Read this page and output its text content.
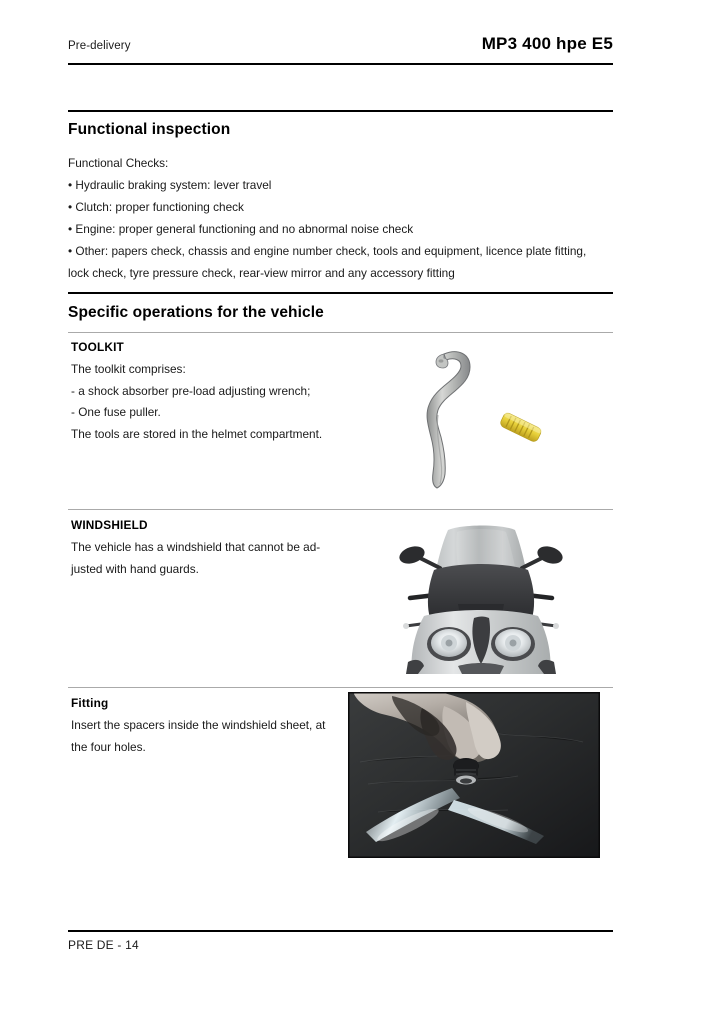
Pre-delivery	MP3 400 hpe E5
Functional inspection
Functional Checks:
• Hydraulic braking system: lever travel
• Clutch: proper functioning check
• Engine: proper general functioning and no abnormal noise check
• Other: papers check, chassis and engine number check, tools and equipment, licence plate fitting,
lock check, tyre pressure check, rear-view mirror and any accessory fitting
Specific operations for the vehicle
TOOLKIT
The toolkit comprises:
- a shock absorber pre-load adjusting wrench;
- One fuse puller.
The tools are stored in the helmet compartment.
WINDSHIELD
The vehicle has a windshield that cannot be ad-
justed with hand guards.
Fitting
Insert the spacers inside the windshield sheet, at
the four holes.
PRE DE - 14
